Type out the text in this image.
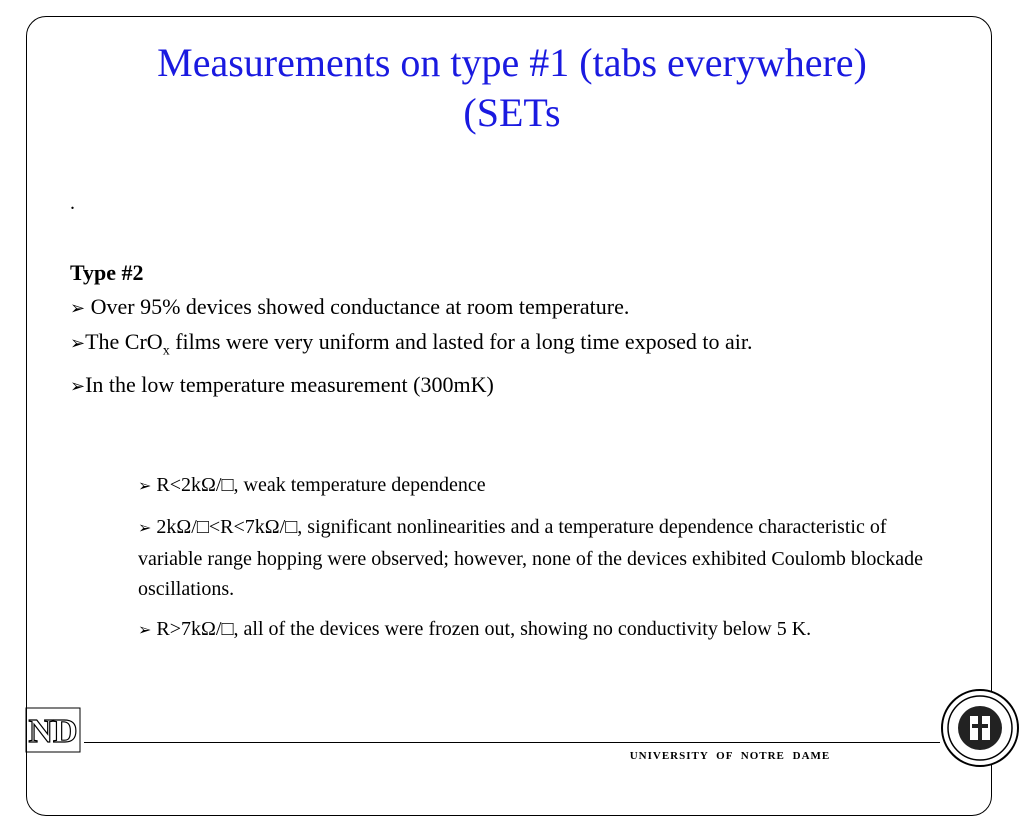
Measurements on type #1 (tabs everywhere)
(SETs
.
Type #2
➢ Over 95% devices showed conductance at room temperature.
➢The CrO$_x$ films were very uniform and lasted for a long time exposed to air.
➢In the low temperature measurement (300mK)

➢ R<2kΩ/□, weak temperature dependence

➢ 2kΩ/□<R<7kΩ/□, significant nonlinearities and a temperature dependence characteristic of variable range hopping were observed; however, none of the devices exhibited Coulomb blockade oscillations.

➢ R>7kΩ/□, all of the devices were frozen out, showing no conductivity below 5 K.

ND
UNIVERSITY OF NOTRE DAME
